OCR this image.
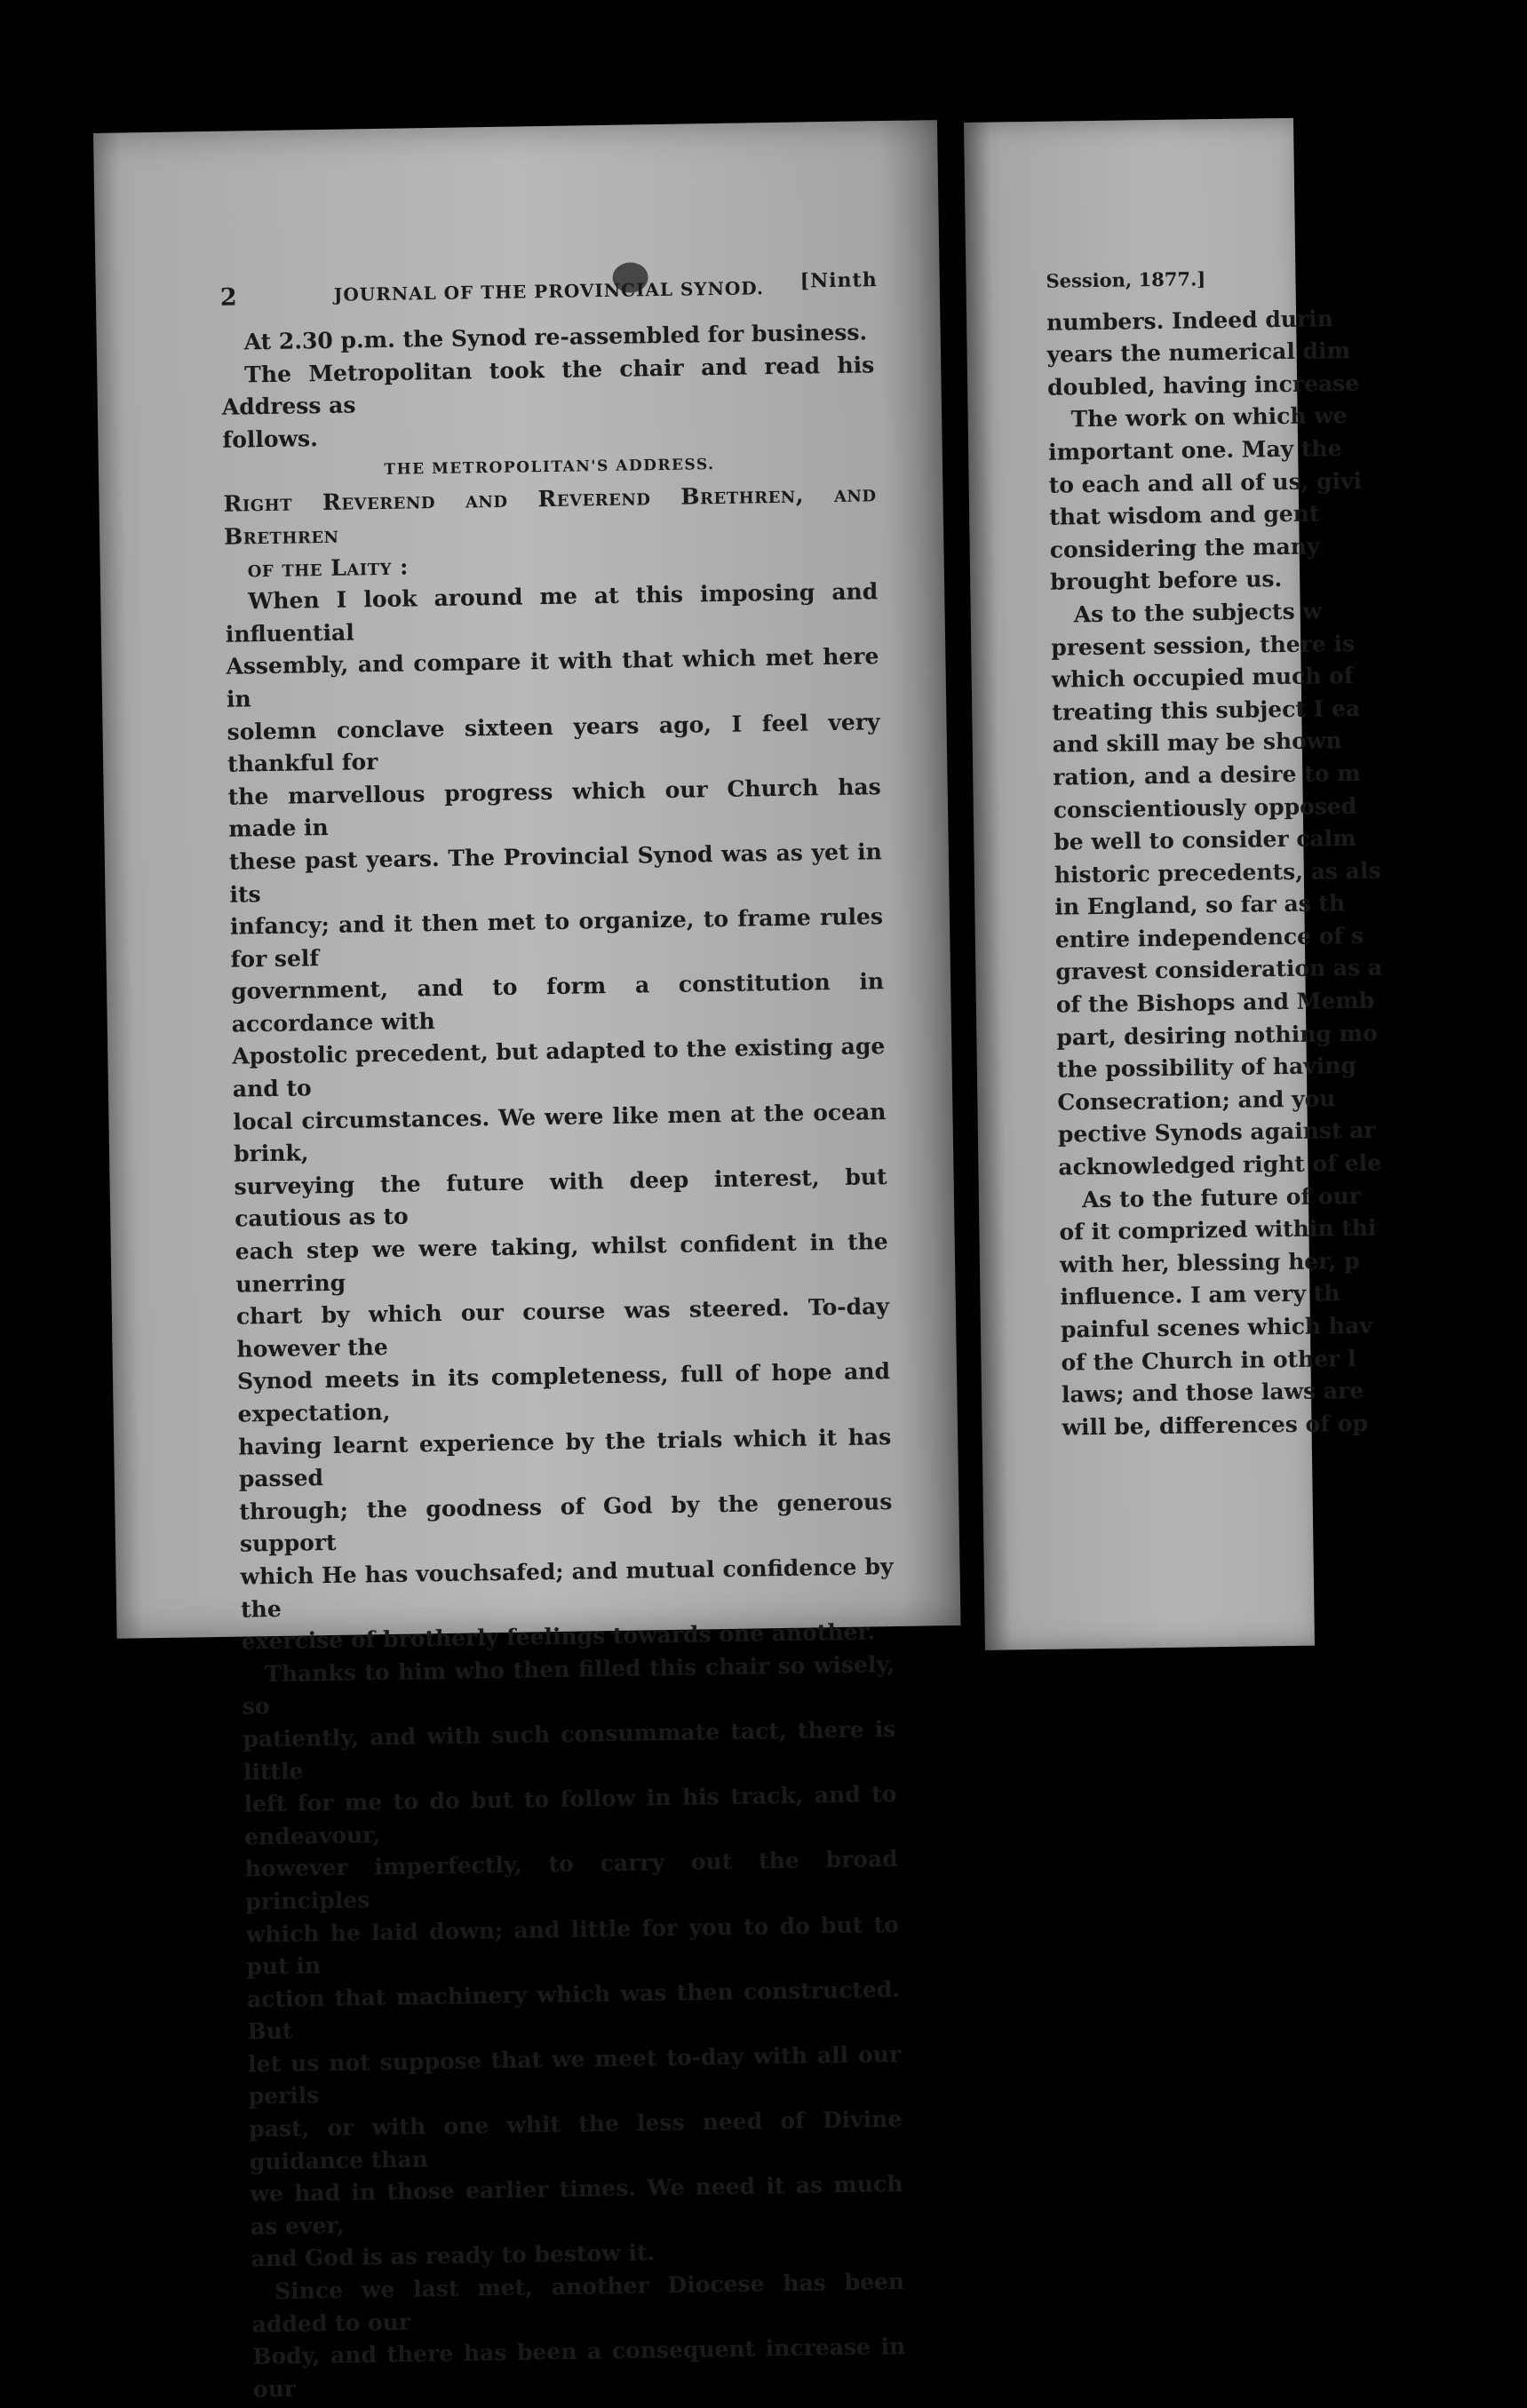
2	JOURNAL OF THE PROVINCIAL SYNOD. [Ninth

At 2.30 p.m. the Synod re-assembled for business.

The Metropolitan took the chair and read his Address as

follows.

THE METROPOLITAN'S ADDRESS.

Right Reverend and Reverend Brethren, and Brethren

of the Laity :

When I look around me at this imposing and influential

Assembly, and compare it with that which met here in

solemn conclave sixteen years ago, I feel very thankful for

the marvellous progress which our Church has made in

these past years. The Provincial Synod was as yet in its

infancy; and it then met to organize, to frame rules for self

government, and to form a constitution in accordance with

Apostolic precedent, but adapted to the existing age and to

local circumstances. We were like men at the ocean brink,

surveying the future with deep interest, but cautious as to

each step we were taking, whilst confident in the unerring

chart by which our course was steered. To-day however the

Synod meets in its completeness, full of hope and expectation,

having learnt experience by the trials which it has passed

through; the goodness of God by the generous support

which He has vouchsafed; and mutual confidence by the

exercise of brotherly feelings towards one another.

Thanks to him who then filled this chair so wisely, so

patiently, and with such consummate tact, there is little

left for me to do but to follow in his track, and to endeavour,

however imperfectly, to carry out the broad principles

which he laid down; and little for you to do but to put in

action that machinery which was then constructed. But

let us not suppose that we meet to-day with all our perils

past, or with one whit the less need of Divine guidance than

we had in those earlier times. We need it as much as ever,

and God is as ready to bestow it.

Since we last met, another Diocese has been added to our

Body, and there has been a consequent increase in our

Session, 1877.]
numbers. Indeed durin
years the numerical dim
doubled, having increase
The work on which we
important one. May the
to each and all of us, givi
that wisdom and gent
considering the many
brought before us.
As to the subjects w
present session, there is
which occupied much of
treating this subject I ea
and skill may be shown
ration, and a desire to m
conscientiously opposed
be well to consider calm
historic precedents, as als
in England, so far as th
entire independence of s
gravest consideration as a
of the Bishops and Memb
part, desiring nothing mo
the possibility of having
Consecration; and you
pective Synods against ar
acknowledged right of ele
As to the future of our
of it comprized within thi
with her, blessing her, p
influence. I am very th
painful scenes which hav
of the Church in other l
laws; and those laws are
will be, differences of op
